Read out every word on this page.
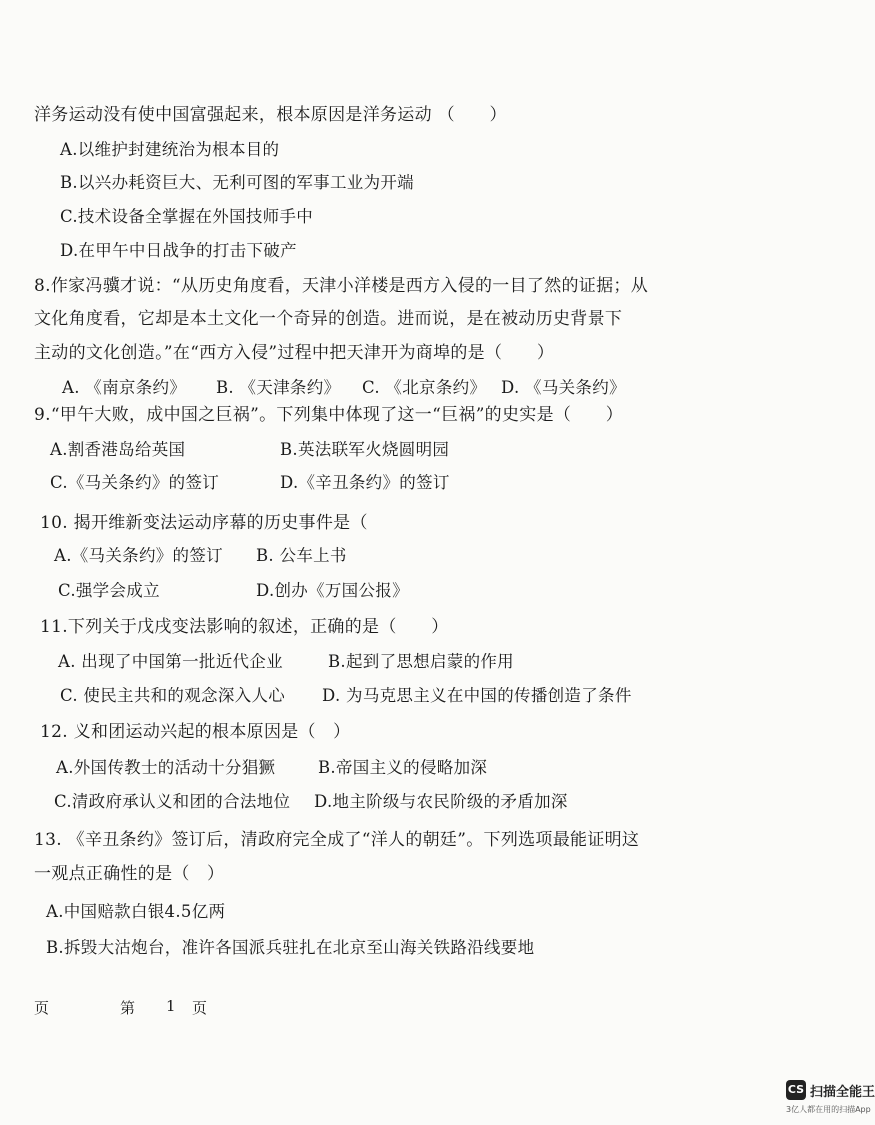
洋务运动没有使中国富强起来，根本原因是洋务运动 （　　）
A.以维护封建统治为根本目的
B.以兴办耗资巨大、无利可图的军事工业为开端
C.技术设备全掌握在外国技师手中
D.在甲午中日战争的打击下破产
8.作家冯骥才说：“从历史角度看，天津小洋楼是西方入侵的一目了然的证据；从
文化角度看，它却是本土文化一个奇异的创造。进而说，是在被动历史背景下
主动的文化创造。”在“西方入侵”过程中把天津开为商埠的是（　　）
A. 《南京条约》 B. 《天津条约》 C. 《北京条约》 D. 《马关条约》
9.“甲午大败，成中国之巨祸”。下列集中体现了这一“巨祸”的史实是（　　）
A.割香港岛给英国	B.英法联军火烧圆明园
C.《马关条约》的签订	D.《辛丑条约》的签订
10. 揭开维新变法运动序幕的历史事件是（
A.《马关条约》的签订 B. 公车上书
C.强学会成立	D.创办《万国公报》
11.下列关于戊戌变法影响的叙述，正确的是（　　）
A. 出现了中国第一批近代企业	B.起到了思想启蒙的作用
C. 使民主共和的观念深入人心 D. 为马克思主义在中国的传播创造了条件
12. 义和团运动兴起的根本原因是（　）
A.外国传教士的活动十分猖獗	B.帝国主义的侵略加深
C.清政府承认义和团的合法地位 D.地主阶级与农民阶级的矛盾加深
13. 《辛丑条约》签订后，清政府完全成了“洋人的朝廷”。下列选项最能证明这
一观点正确性的是（　）
A.中国赔款白银4.5亿两
B.拆毁大沽炮台，准许各国派兵驻扎在北京至山海关铁路沿线要地
页	第 1 页
CS 扫描全能王
3亿人都在用的扫描App
